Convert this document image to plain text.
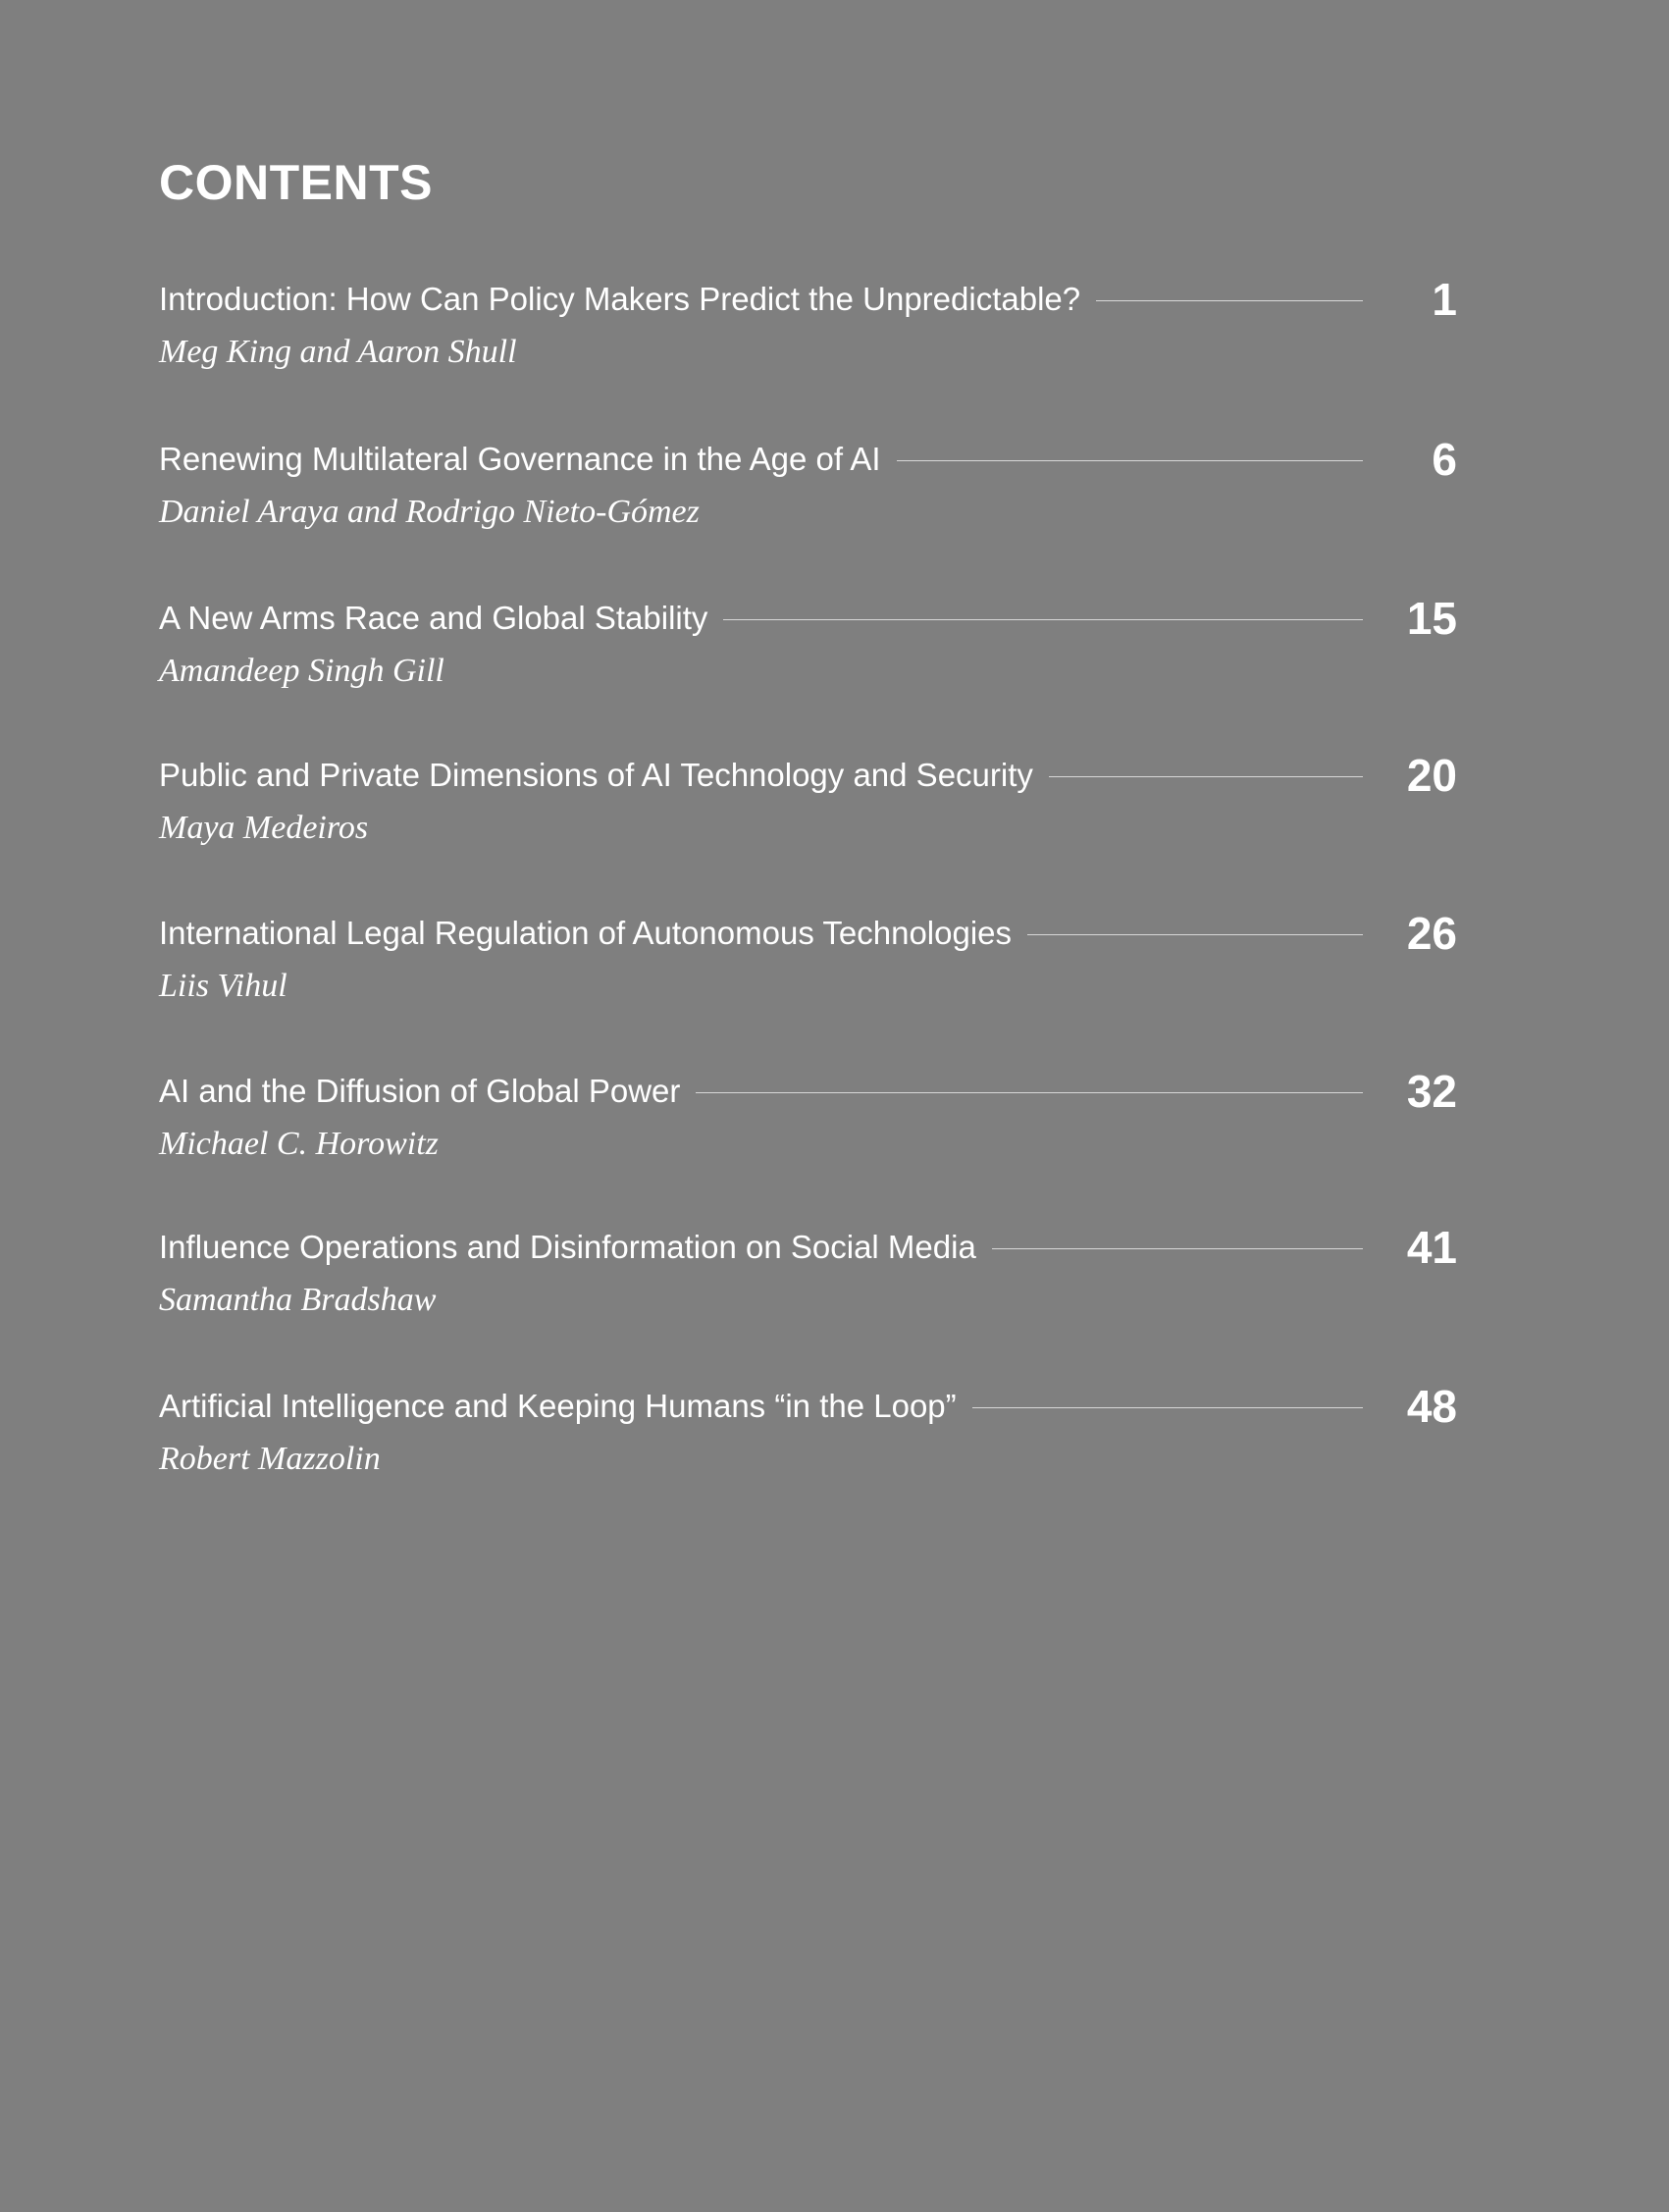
CONTENTS
Introduction: How Can Policy Makers Predict the Unpredictable?	1
Meg King and Aaron Shull
Renewing Multilateral Governance in the Age of AI	6
Daniel Araya and Rodrigo Nieto-Gómez
A New Arms Race and Global Stability	15
Amandeep Singh Gill
Public and Private Dimensions of AI Technology and Security	20
Maya Medeiros
International Legal Regulation of Autonomous Technologies	26
Liis Vihul
AI and the Diffusion of Global Power	32
Michael C. Horowitz
Influence Operations and Disinformation on Social Media	41
Samantha Bradshaw
Artificial Intelligence and Keeping Humans “in the Loop”	48
Robert Mazzolin
